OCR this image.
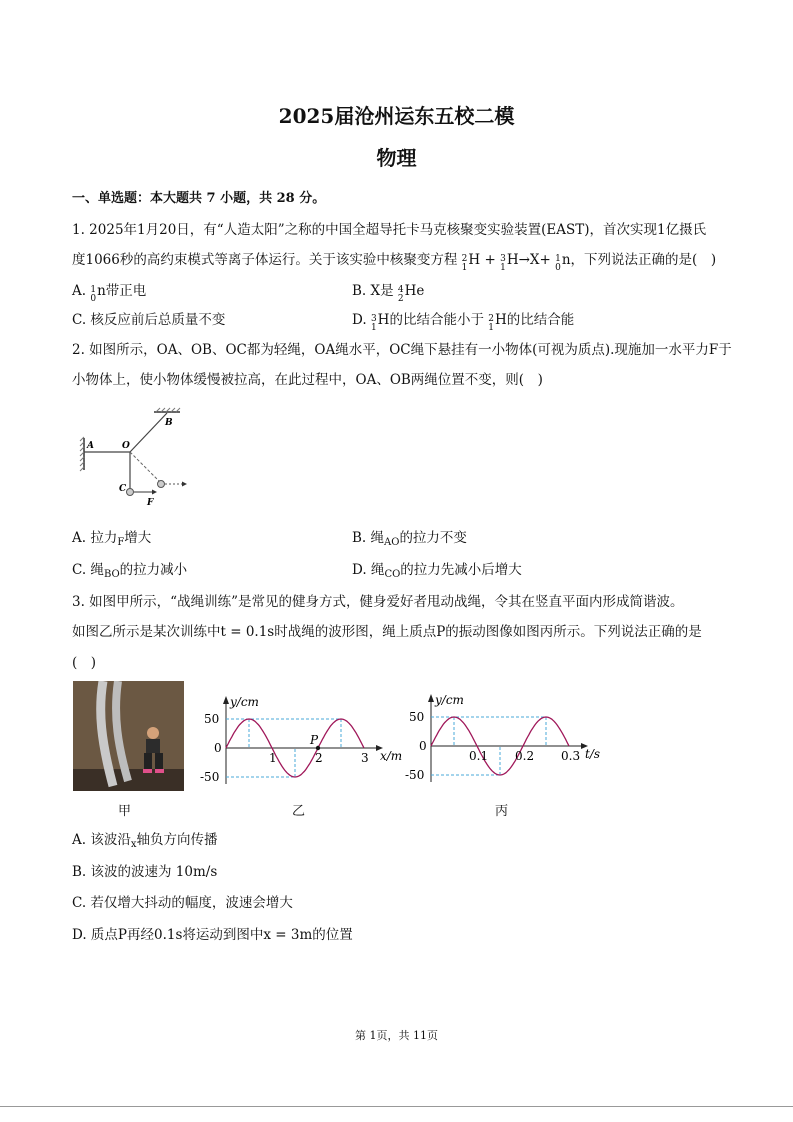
2025届沧州运东五校二模
物理
一、单选题：本大题共 7 小题，共 28 分。
1. 2025年1月20日，有“人造太阳”之称的中国全超导托卡马克核聚变实验装置(EAST)，首次实现1亿摄氏
度1066秒的高约束模式等离子体运行。关于该实验中核聚变方程 2
1 H + 3
1 H→X+ 1
0 n，下列说法正确的是(　)
A. 1
0 n带正电	B. X是 4
2 He
C. 核反应前后总质量不变	D. 3
1 H的比结合能小于 2
1 H的比结合能
2. 如图所示，OA、OB、OC都为轻绳，OA绳水平，OC绳下悬挂有一小物体(可视为质点).现施加一水平力F于
小物体上，使小物体缓慢被拉高，在此过程中，OA、OB两绳位置不变，则(　)
A
B
O
C
F
A. 拉力$_F$增大	B. 绳$_{AO}$的拉力不变
C. 绳$_{BO}$的拉力减小	D. 绳$_{CO}$的拉力先减小后增大
3. 如图甲所示，“战绳训练”是常见的健身方式，健身爱好者甩动战绳，令其在竖直平面内形成简谐波。
如图乙所示是某次训练中t = 0.1s时战绳的波形图，绳上质点P的振动图像如图丙所示。下列说法正确的是
(　)
甲
50
0
-50
1	2	3
y/cm
x/m
P
乙
50
0
-50
0.1 0.2 0.3
y/cm
t/s
丙
A. 该波沿$_x$轴负方向传播
B. 该波的波速为 10m/s
C. 若仅增大抖动的幅度，波速会增大
D. 质点P再经0.1s将运动到图中x = 3m的位置
第 1页，共 11页
